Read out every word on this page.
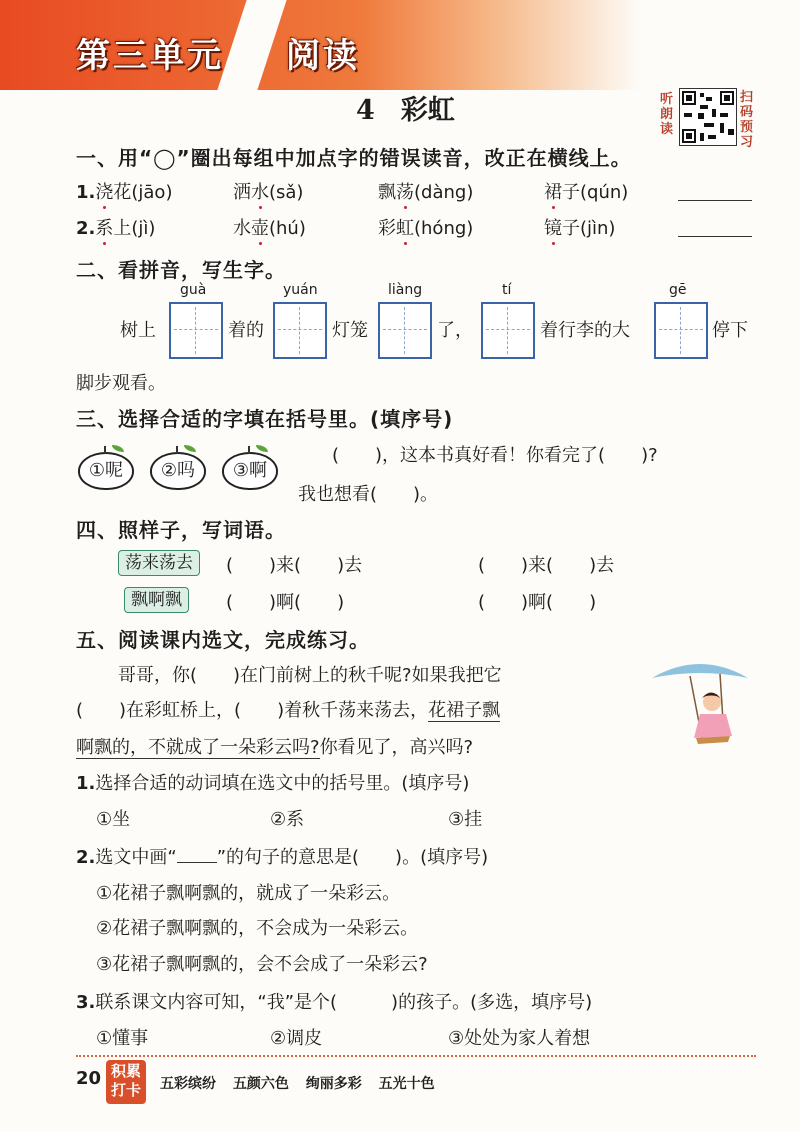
第三单元 阅读
4 彩虹	听朗读
扫码预习
一、用“◯”圈出每组中加点字的错误读音，改正在横线上。
1.浇花(jāo)	洒水(sǎ)	飘荡(dàng)	裙子(qún)
2.系上(jì)	水壶(hú)	彩虹(hóng)	镜子(jìn)
二、看拼音，写生字。
guà	yuán	liàng	tí	gē
树上	着的	灯笼	了，	着行李的大	停下
脚步观看。
三、选择合适的字填在括号里。(填序号)
①呢	②吗	③啊
(　　)，这本书真好看！你看完了(　　)?
我也想看(　　)。
四、照样子，写词语。
荡来荡去	(　　)来(　　)去	(　　)来(　　)去
飘啊飘	(　　)啊(　　)	(　　)啊(　　)
五、阅读课内选文，完成练习。
哥哥，你(　　)在门前树上的秋千呢?如果我把它
(　　)在彩虹桥上，(　　)着秋千荡来荡去，花裙子飘
啊飘的，不就成了一朵彩云吗?你看见了，高兴吗?
1.选择合适的动词填在选文中的括号里。(填序号)
①坐	②系	③挂
2.选文中画“ ”的句子的意思是(　　)。(填序号)
①花裙子飘啊飘的，就成了一朵彩云。
②花裙子飘啊飘的，不会成为一朵彩云。
③花裙子飘啊飘的，会不会成了一朵彩云?
3.联系课文内容可知，“我”是个(　　　)的孩子。(多选，填序号)
①懂事	②调皮	③处处为家人着想
20 积累
打卡	五彩缤纷 五颜六色 绚丽多彩 五光十色
